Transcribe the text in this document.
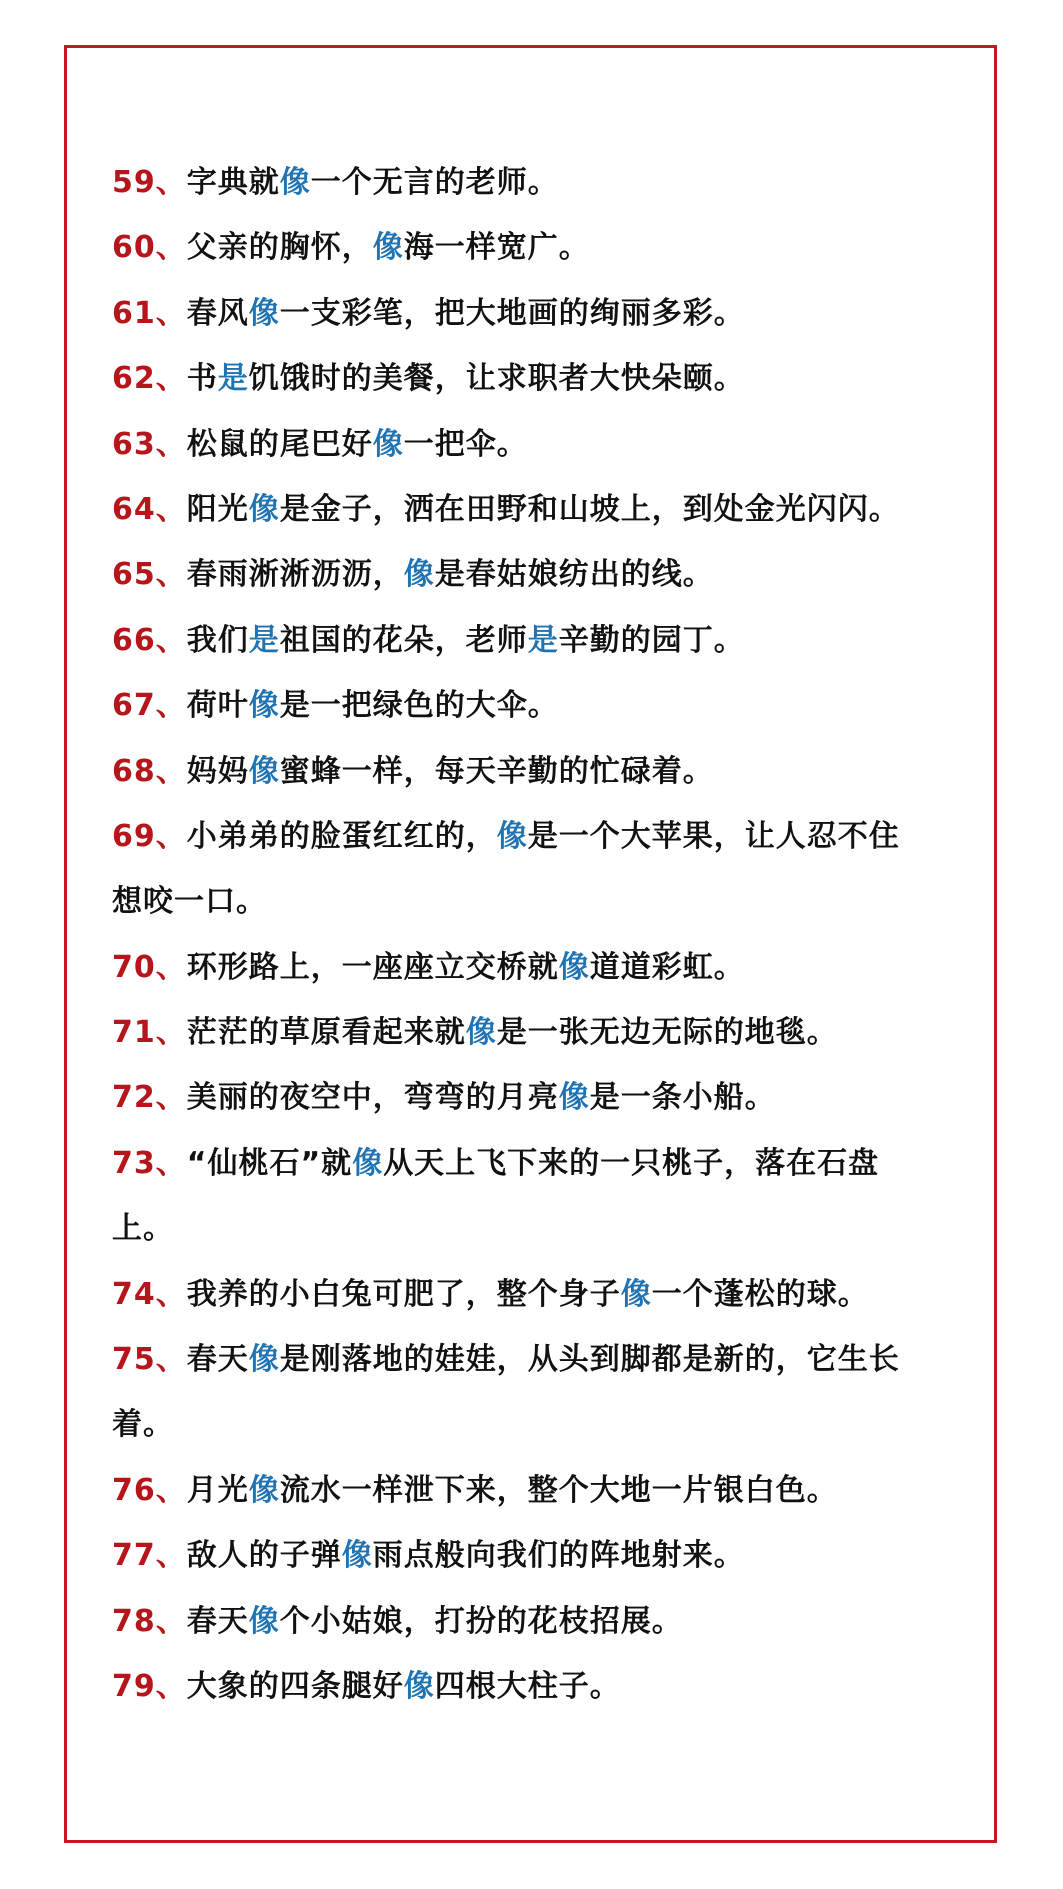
59、字典就像一个无言的老师。
60、父亲的胸怀，像海一样宽广。
61、春风像一支彩笔，把大地画的绚丽多彩。
62、书是饥饿时的美餐，让求职者大快朵颐。
63、松鼠的尾巴好像一把伞。
64、阳光像是金子，洒在田野和山坡上，到处金光闪闪。
65、春雨淅淅沥沥，像是春姑娘纺出的线。
66、我们是祖国的花朵，老师是辛勤的园丁。
67、荷叶像是一把绿色的大伞。
68、妈妈像蜜蜂一样，每天辛勤的忙碌着。
69、小弟弟的脸蛋红红的，像是一个大苹果，让人忍不住
想咬一口。
70、环形路上，一座座立交桥就像道道彩虹。
71、茫茫的草原看起来就像是一张无边无际的地毯。
72、美丽的夜空中，弯弯的月亮像是一条小船。
73、“仙桃石”就像从天上飞下来的一只桃子，落在石盘
上。
74、我养的小白兔可肥了，整个身子像一个蓬松的球。
75、春天像是刚落地的娃娃，从头到脚都是新的，它生长
着。
76、月光像流水一样泄下来，整个大地一片银白色。
77、敌人的子弹像雨点般向我们的阵地射来。
78、春天像个小姑娘，打扮的花枝招展。
79、大象的四条腿好像四根大柱子。
